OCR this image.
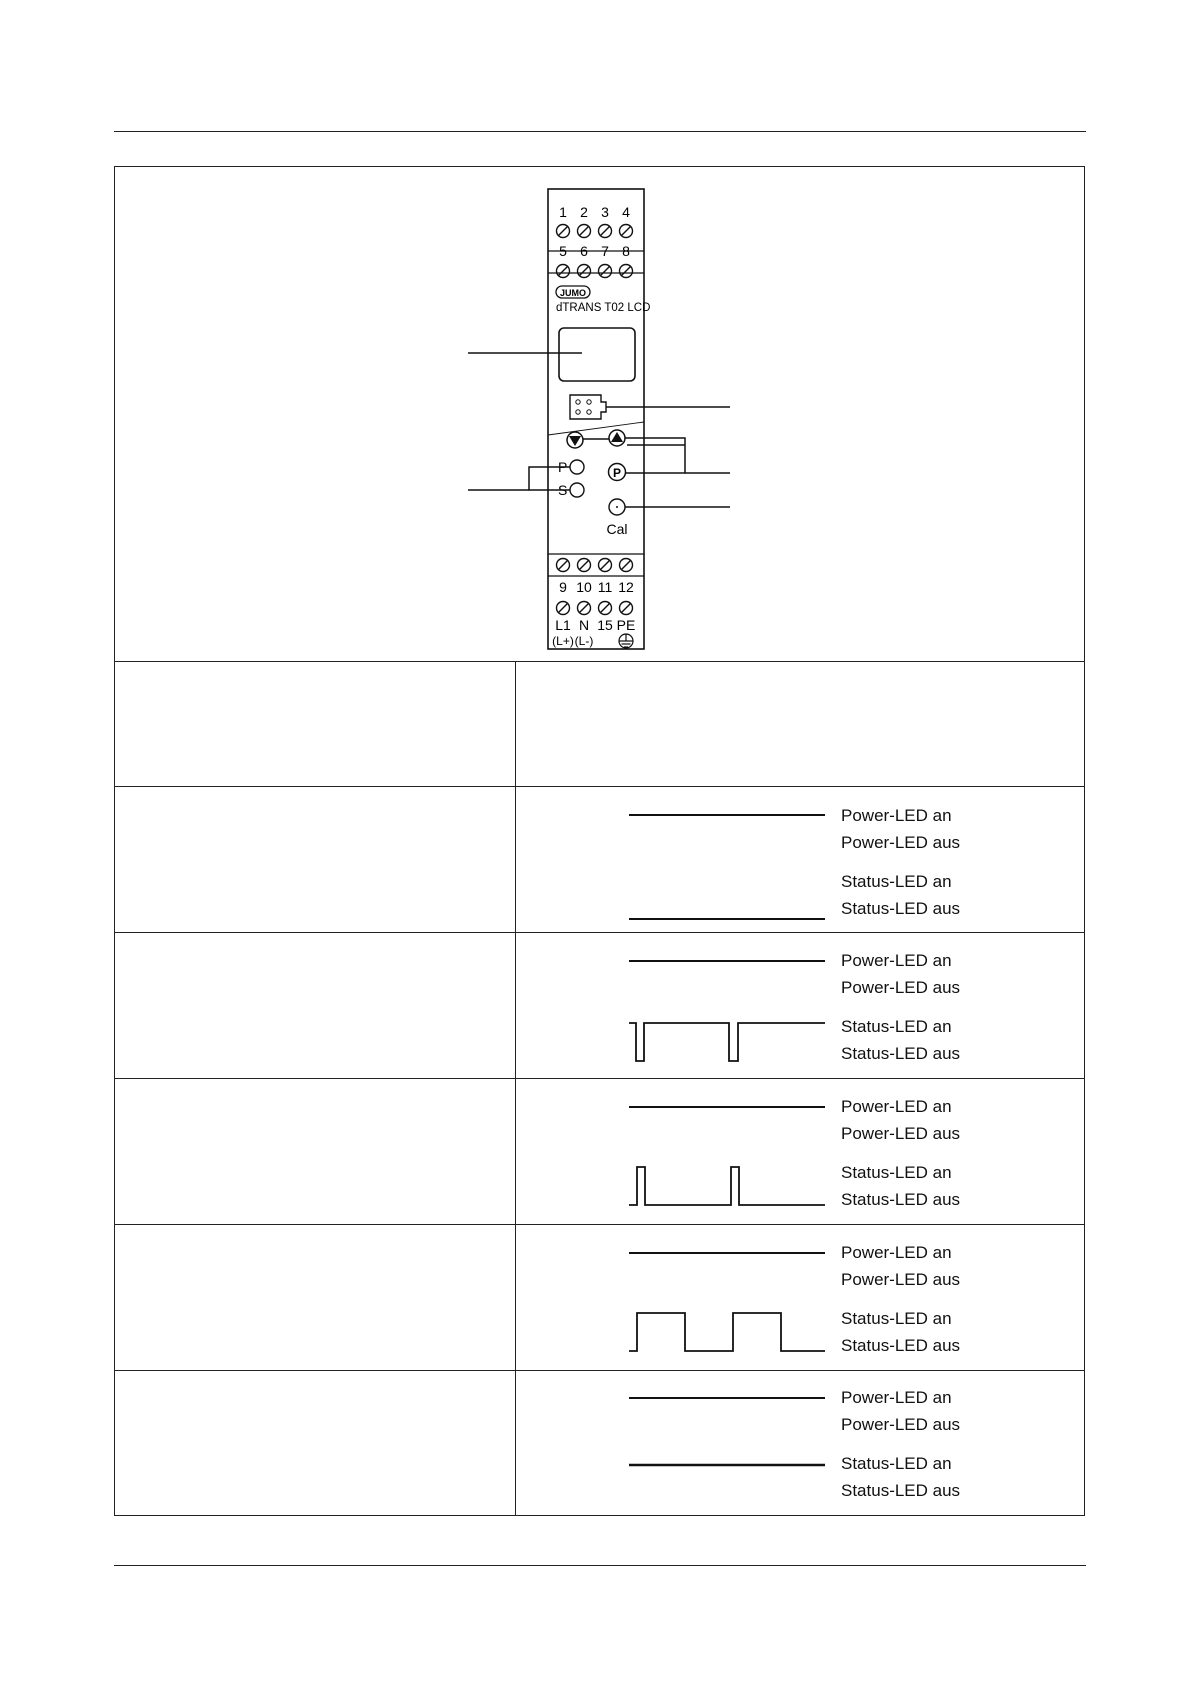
1 2 3 4
5 6 7 8
JUMO
dTRANS T02 LCD
P
P
S
Cal
9 10 11 12
L1 N 15 PE
(L+) (L-)
Power-LED an
Power-LED aus
Status-LED an
Status-LED aus
Power-LED an
Power-LED aus
Status-LED an
Status-LED aus
Power-LED an
Power-LED aus
Status-LED an
Status-LED aus
Power-LED an
Power-LED aus
Status-LED an
Status-LED aus
Power-LED an
Power-LED aus
Status-LED an
Status-LED aus
